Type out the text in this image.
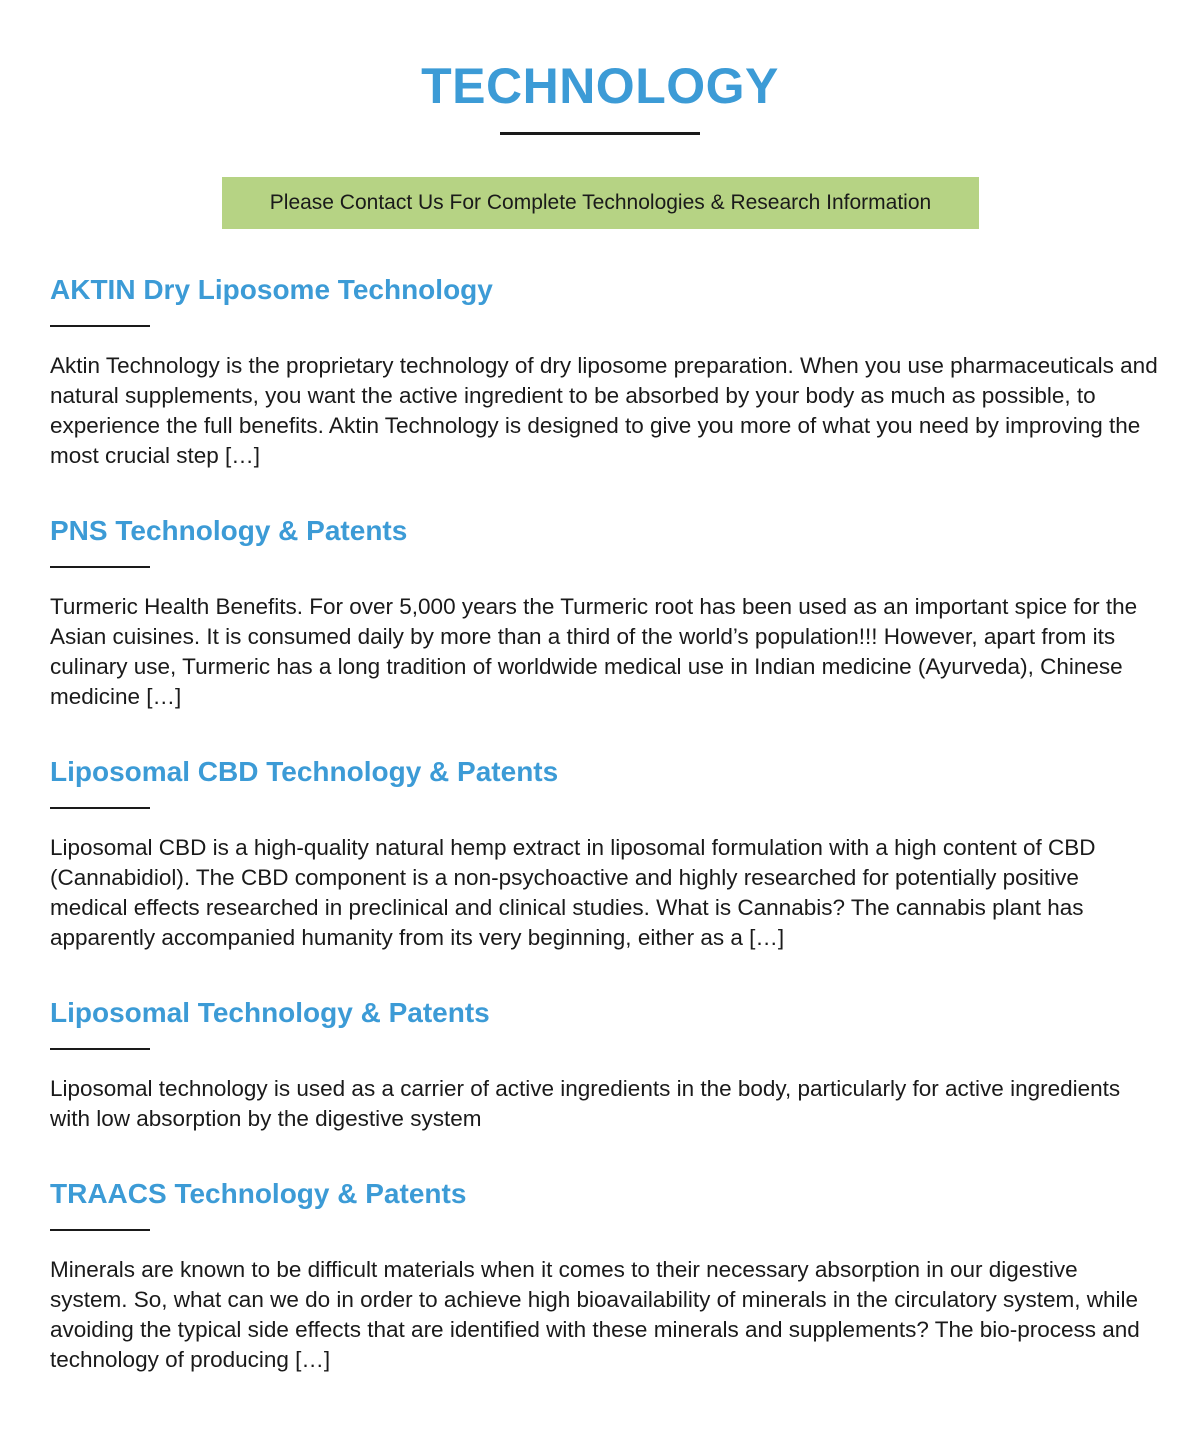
TECHNOLOGY
Please Contact Us For Complete Technologies & Research Information
AKTIN Dry Liposome Technology

Aktin Technology is the proprietary technology of dry liposome preparation. When you use pharmaceuticals and natural supplements, you want the active ingredient to be absorbed by your body as much as possible, to experience the full benefits. Aktin Technology is designed to give you more of what you need by improving the most crucial step […]

PNS Technology & Patents

Turmeric Health Benefits. For over 5,000 years the Turmeric root has been used as an important spice for the Asian cuisines. It is consumed daily by more than a third of the world’s population!!! However, apart from its culinary use, Turmeric has a long tradition of worldwide medical use in Indian medicine (Ayurveda), Chinese medicine […]

Liposomal CBD Technology & Patents

Liposomal CBD is a high-quality natural hemp extract in liposomal formulation with a high content of CBD (Cannabidiol). The CBD component is a non-psychoactive and highly researched for potentially positive medical effects researched in preclinical and clinical studies. What is Cannabis? The cannabis plant has apparently accompanied humanity from its very beginning, either as a […]

Liposomal Technology & Patents

Liposomal technology is used as a carrier of active ingredients in the body, particularly for active ingredients with low absorption by the digestive system

TRAACS Technology & Patents

Minerals are known to be difficult materials when it comes to their necessary absorption in our digestive system. So, what can we do in order to achieve high bioavailability of minerals in the circulatory system, while avoiding the typical side effects that are identified with these minerals and supplements? The bio-process and technology of producing […]
